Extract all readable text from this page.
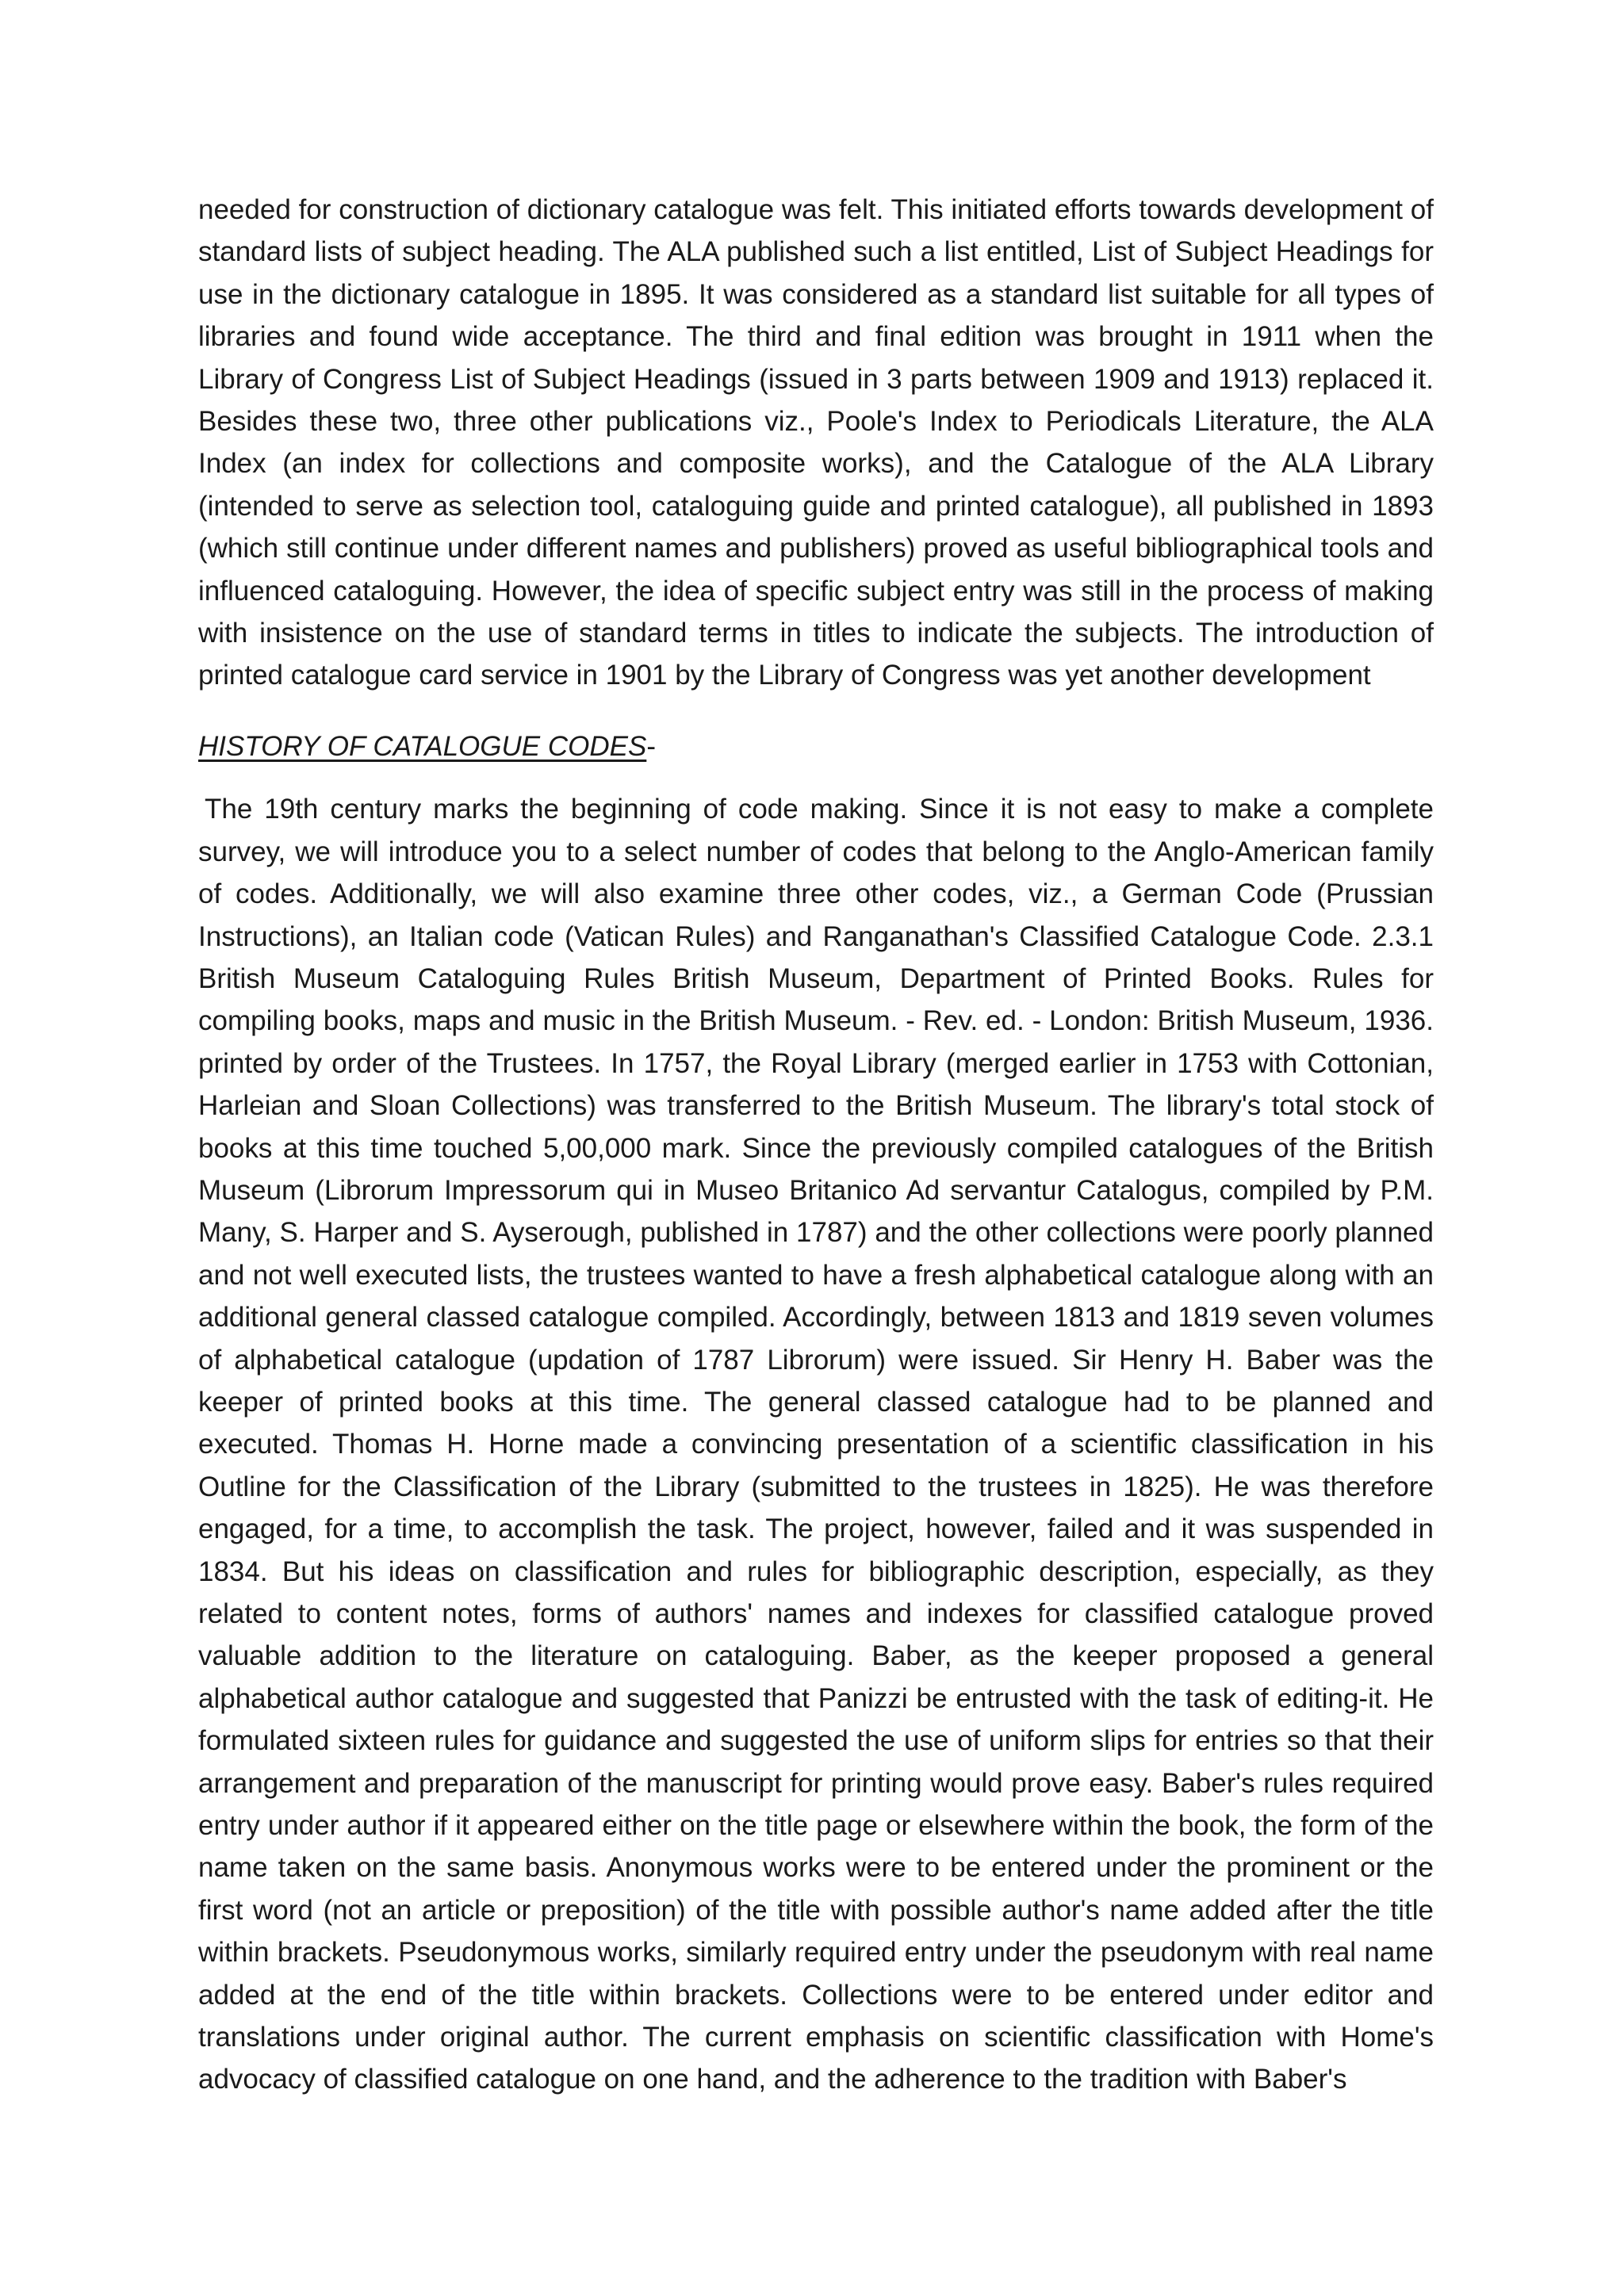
needed for construction of dictionary catalogue was felt. This initiated efforts towards development of standard lists of subject heading. The ALA published such a list entitled, List of Subject Headings for use in the dictionary catalogue in 1895. It was considered as a standard list suitable for all types of libraries and found wide acceptance. The third and final edition was brought in 1911 when the Library of Congress List of Subject Headings (issued in 3 parts between 1909 and 1913) replaced it. Besides these two, three other publications viz., Poole's Index to Periodicals Literature, the ALA Index (an index for collections and composite works), and the Catalogue of the ALA Library (intended to serve as selection tool, cataloguing guide and printed catalogue), all published in 1893 (which still continue under different names and publishers) proved as useful bibliographical tools and influenced cataloguing. However, the idea of specific subject entry was still in the process of making with insistence on the use of standard terms in titles to indicate the subjects. The introduction of printed catalogue card service in 1901 by the Library of Congress was yet another development

HISTORY OF CATALOGUE CODES-

The 19th century marks the beginning of code making. Since it is not easy to make a complete survey, we will introduce you to a select number of codes that belong to the Anglo-American family of codes. Additionally, we will also examine three other codes, viz., a German Code (Prussian Instructions), an Italian code (Vatican Rules) and Ranganathan's Classified Catalogue Code. 2.3.1 British Museum Cataloguing Rules British Museum, Department of Printed Books. Rules for compiling books, maps and music in the British Museum. - Rev. ed. - London: British Museum, 1936. printed by order of the Trustees. In 1757, the Royal Library (merged earlier in 1753 with Cottonian, Harleian and Sloan Collections) was transferred to the British Museum. The library's total stock of books at this time touched 5,00,000 mark. Since the previously compiled catalogues of the British Museum (Librorum Impressorum qui in Museo Britanico Ad servantur Catalogus, compiled by P.M. Many, S. Harper and S. Ayserough, published in 1787) and the other collections were poorly planned and not well executed lists, the trustees wanted to have a fresh alphabetical catalogue along with an additional general classed catalogue compiled. Accordingly, between 1813 and 1819 seven volumes of alphabetical catalogue (updation of 1787 Librorum) were issued. Sir Henry H. Baber was the keeper of printed books at this time. The general classed catalogue had to be planned and executed. Thomas H. Horne made a convincing presentation of a scientific classification in his Outline for the Classification of the Library (submitted to the trustees in 1825). He was therefore engaged, for a time, to accomplish the task. The project, however, failed and it was suspended in 1834. But his ideas on classification and rules for bibliographic description, especially, as they related to content notes, forms of authors' names and indexes for classified catalogue proved valuable addition to the literature on cataloguing. Baber, as the keeper proposed a general alphabetical author catalogue and suggested that Panizzi be entrusted with the task of editing-it. He formulated sixteen rules for guidance and suggested the use of uniform slips for entries so that their arrangement and preparation of the manuscript for printing would prove easy. Baber's rules required entry under author if it appeared either on the title page or elsewhere within the book, the form of the name taken on the same basis. Anonymous works were to be entered under the prominent or the first word (not an article or preposition) of the title with possible author's name added after the title within brackets. Pseudonymous works, similarly required entry under the pseudonym with real name added at the end of the title within brackets. Collections were to be entered under editor and translations under original author. The current emphasis on scientific classification with Home's advocacy of classified catalogue on one hand, and the adherence to the tradition with Baber's
